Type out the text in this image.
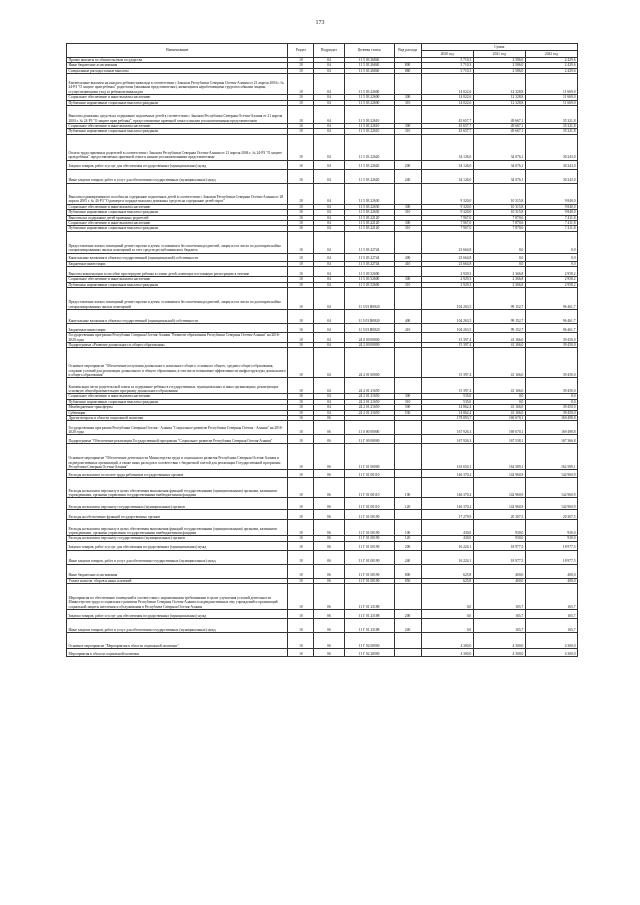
173
Наименование	Раздел	Подраздел	Целевая статья	Вид расхода	Сумма		
					2020 год	2021 год	2022 год
Прочие выплаты по обязательствам государства	10	04	11 5 03 26840		5 710,3	2 586,0	2 429,6
Иные бюджетные ассигнования	10	04	11 5 03 26840	800	5 710,3	2 586,0	2 429,6
Специальные расходы и иные выплаты	10	04	11 5 03 26840	880	5 710,3	2 586,0	2 429,6
Ежемесячные выплаты на каждого ребенка-инвалида в соответствии с Законом Республики Северная Осетия-Алания от 21 апреля 2004 г. № 24-РЗ "О защите прав ребенка" родителям (законным представителям), являющимся неработающими трудоспособными лицами, осуществляющими уход за ребенком-инвалидом	10	04	11 5 03 22600		14 022,6	12 328,8	11 669,0
Социальное обеспечение и иные выплаты населению	10	04	11 5 03 22600	300	14 022,6	12 328,8	11 669,0
Публичные нормативные социальные выплаты гражданам	10	04	11 5 03 22600	310	14 022,6	12 328,8	11 669,0
Выплаты денежных средств на содержание подопечных детей в соответствии с Законом Республики Северная Осетия-Алания от 21 апреля 2004 г. № 24-РЗ "О защите прав ребенка", предоставляемые приемной семье и иными уполномоченными представителями	10	04	11 5 03 22610		45 657,7	49 667,1	35 321,8
Социальное обеспечение и иные выплаты населению	10	04	11 5 03 22610	300	45 657,7	49 667,1	35 321,8
Публичные нормативные социальные выплаты гражданам	10	04	11 5 03 22610	310	45 657,7	49 667,1	35 321,8
Оплата труда приемных родителей в соответствии с Законом Республики Северная Осетия-Алания от 21 апреля 2004 г. № 24-РЗ "О защите прав ребенка" предоставляемых приемной семье и иными уполномоченными представителями	10	04	11 5 03 22620		34 126,0	34 076,1	30 243,0
Закупка товаров, работ и услуг для обеспечения государственных (муниципальных) нужд	10	04	11 5 03 22620	200	34 126,0	34 076,1	30 243,0
Иные закупки товаров, работ и услуг для обеспечения государственных (муниципальных) нужд	10	04	11 5 03 22620	240	34 126,0	34 076,1	30 243,0
Выплаты единовременного пособия на содержание подопечных детей в соответствии с Законом Республики Северная Осетия-Алания от 28 апреля 2005 г. № 44-РЗ "О размере и порядке выплаты денежных средств на содержание детей-сирот"	10	04	11 5 03 22630		9 320,0	10 315,8	9 840,0
Социальное обеспечение и иные выплаты населению	10	04	11 5 03 22630	300	9 320,0	10 315,8	9 840,0
Публичные нормативные социальные выплаты гражданам	10	04	11 5 03 22630	310	9 320,0	10 315,8	9 840,0
Выплаты на содержание детей приемных родителей	10	04	11 5 03 22120		7 967,0	7 870,6	7 411,8
Социальное обеспечение и иные выплаты населению	10	04	11 5 03 22120	300	7 967,0	7 870,6	7 411,8
Публичные нормативные социальные выплаты гражданам	10	04	11 5 03 22120	310	7 967,0	7 870,6	7 411,8
Предоставление жилых помещений детям-сиротам и детям, оставшимся без попечения родителей, лицам из их числа по договорам найма специализированных жилых помещений за счет средств республиканского бюджета	10	04	11 5 03 22744		23 664,8	0,0	0,0
Капитальные вложения в объекты государственной (муниципальной) собственности	10	04	11 5 03 22744	400	23 664,8	0,0	0,0
Бюджетные инвестиции	10	04	11 5 03 22744	410	23 664,8	0,0	0,0
Выплата компенсации за пособие при передаче ребенка в семью детей, имеющих постоянную регистрацию в течение	10	04	11 5 03 52600		2 929,3	2 366,8	2 958,2
Социальное обеспечение и иные выплаты населению	10	04	11 5 03 52600	300	2 929,3	2 366,8	2 958,2
Публичные нормативные социальные выплаты гражданам	10	04	11 5 03 52600	310	2 929,3	2 366,8	2 958,2
Предоставление жилых помещений детям-сиротам и детям, оставшимся без попечения родителей, лицам из их числа по договорам найма специализированных жилых помещений	10	04	11 5 03 R0820		104 263,5	99 152,7	96 461,7
Капитальные вложения в объекты государственной (муниципальной) собственности	10	04	11 5 03 R0820	400	104 263,5	99 152,7	96 461,7
Бюджетные инвестиции	10	04	11 5 03 R0820	410	104 263,5	99 152,7	96 461,7
Государственная программа Республики Северная Осетия-Алания "Развитие образования Республики Северная Осетия-Алания" на 2016-2020 годы	10	04	24 0 00 00000		15 397,4	41 166,0	39 450,0
Подпрограмма «Развитие дошкольного и общего образования»	10	04	24 2 00 00000		15 397,4	41 166,0	39 450,0
Основное мероприятие "Обеспечение получения дошкольного, начального общего, основного общего, среднего общего образования, создание условий для реализации дошкольного и общего образования, в том числе повышение эффективности инфраструктуры дошкольного и общего образования"	10	04	24 2 01 00000		15 397,4	41 166,0	39 450,0
Компенсация части родительской платы за содержание ребенка в государственных, муниципальных и иных организациях, реализующих основную общеобразовательную программу дошкольного образования	10	04	24 2 01 21650		15 397,4	41 166,0	39 450,0
Социальное обеспечение и иные выплаты населению	10	04	24 2 01 21650	300	535,0	0,0	0,0
Публичные нормативные социальные выплаты гражданам	10	04	24 2 01 21650	310	535,0	0,0	0,0
Межбюджетные трансферты	10	04	24 2 01 21650	500	14 862,4	41 166,0	39 450,0
Субвенции	10	04	24 2 01 21650	530	14 862,4	41 166,0	39 450,0
Другие вопросы в области социальной политики	10	06			178 893,7	169 670,1	169 498,8
Государственная программа Республики Северная Осетия - Алания "Социальное развитие Республики Северная Осетия - Алания" на 2016-2020 годы	10	06	11 0 00 00000		167 926,3	169 670,1	169 498,8
Подпрограмма "Обеспечение реализации Государственной программы "Социальное развитие Республики Северная Осетия-Алания"	10	06	11 Г 00 00000		167 926,3	167 538,1	167 366,8
Основное мероприятие "Обеспечение деятельности Министерства труда и социального развития Республики Северная Осетия-Алания и подведомственных организаций, а также иных расходов в соответствии с бюджетной сметой для реализации Государственной программы Республики Северная Осетия-Алания"	10	06	11 Г 01 00000		163 650,1	162 589,1	162 589,1
Расходы на выплаты по оплате труда работников государственных органов	10	06	11 Г 01 00110		146 370,2	142 960,9	142 960,9
Расходы на выплаты персоналу в целях обеспечения выполнения функций государственными (муниципальными) органами, казенными учреждениями, органами управления государственными внебюджетными фондами	10	06	11 Г 01 00110	100	146 370,2	142 960,9	142 960,9
Расходы на выплаты персоналу государственных (муниципальных) органов	10	06	11 Г 01 00110	120	146 370,2	142 960,9	142 960,9
Расходы на обеспечение функций государственных органов	10	06	11 Г 01 00190		17 279,9	20 307,5	20 307,5
Расходы на выплаты персоналу в целях обеспечения выполнения функций государственными (муниципальными) органами, казенными учреждениями, органами управления государственными внебюджетными фондами	10	06	11 Г 01 00190	100	430,0	930,0	930,0
Расходы на выплаты персоналу государственных (муниципальных) органов	10	06	11 Г 01 00190	120	430,0	930,0	930,0
Закупка товаров, работ и услуг для обеспечения государственных (муниципальных) нужд	10	06	11 Г 01 00190	200	16 224,1	18 977,5	18 977,5
Иные закупки товаров, работ и услуг для обеспечения государственных (муниципальных) нужд	10	06	11 Г 01 00190	240	16 224,1	18 977,5	18 977,5
Иные бюджетные ассигнования	10	06	11 Г 01 00190	800	625,8	400,0	400,0
Уплата налогов, сборов и иных платежей	10	06	11 Г 01 00190	850	625,8	400,0	400,0
Мероприятия по обеспечению помещений в соответствии с нормативными требованиями в целях улучшения условий деятельности Министерства труда и социального развития Республики Северная Осетия-Алания и подведомственных ему учреждений и организаций социальной защиты населения и обслуживания в Республике Северная Осетия-Алания	10	06	11 Г 01 23188		0,0	165,7	165,7
Закупка товаров, работ и услуг для обеспечения государственных (муниципальных) нужд	10	06	11 Г 01 23188	200	0,0	165,7	165,7
Иные закупки товаров, работ и услуг для обеспечения государственных (муниципальных) нужд	10	06	11 Г 01 23188	240	0,0	165,7	165,7
Основное мероприятие "Мероприятия в области социальной политики"	10	06	11 Г 02 00000		4 300,0	4 300,0	4 300,0
Мероприятия в области социальной политики	10	06	11 Г 02 20000		4 300,0	4 300,0	4 300,0
